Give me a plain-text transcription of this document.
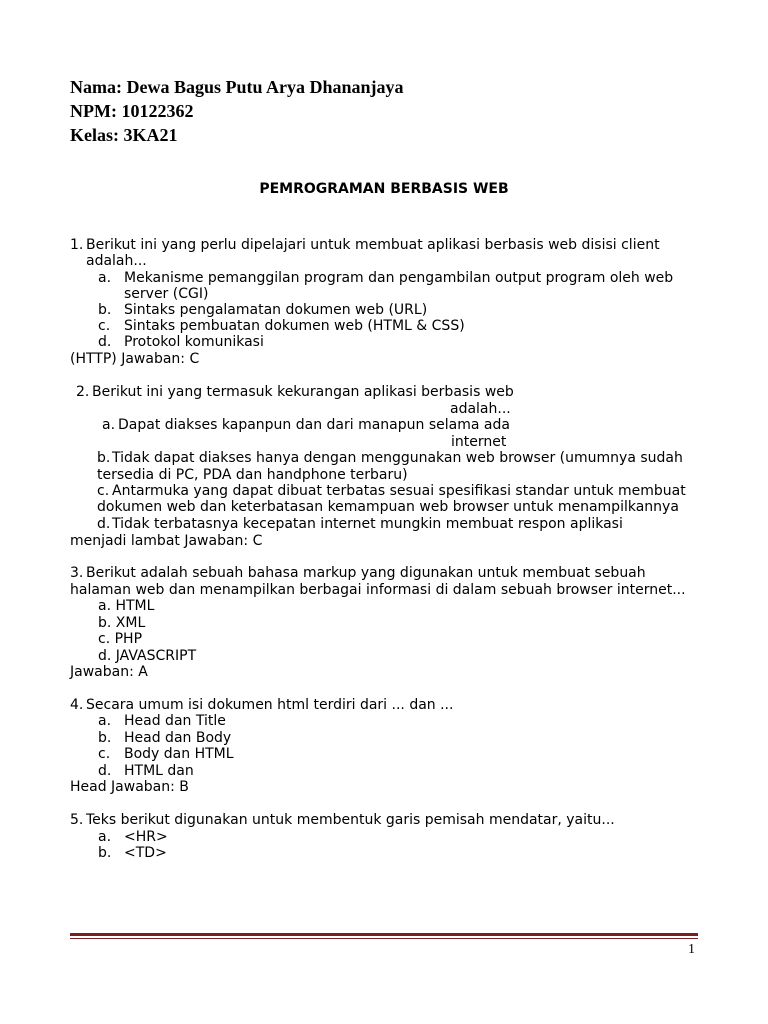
Nama: Dewa Bagus Putu Arya Dhananjaya
NPM: 10122362
Kelas: 3KA21
PEMROGRAMAN BERBASIS WEB
1. Berikut ini yang perlu dipelajari untuk membuat aplikasi berbasis web disisi client
adalah...
a. Mekanisme pemanggilan program dan pengambilan output program oleh web
server (CGI)
b. Sintaks pengalamatan dokumen web (URL)
c. Sintaks pembuatan dokumen web (HTML & CSS)
d. Protokol komunikasi
(HTTP) Jawaban: C
2. Berikut ini yang termasuk kekurangan aplikasi berbasis web
adalah...
a. Dapat diakses kapanpun dan dari manapun selama ada
internet
b. Tidak dapat diakses hanya dengan menggunakan web browser (umumnya sudah
tersedia di PC, PDA dan handphone terbaru)
c. Antarmuka yang dapat dibuat terbatas sesuai spesifikasi standar untuk membuat
dokumen web dan keterbatasan kemampuan web browser untuk menampilkannya
d. Tidak terbatasnya kecepatan internet mungkin membuat respon aplikasi
menjadi lambat Jawaban: C
3. Berikut adalah sebuah bahasa markup yang digunakan untuk membuat sebuah
halaman web dan menampilkan berbagai informasi di dalam sebuah browser internet...
a. HTML
b. XML
c. PHP
d. JAVASCRIPT
Jawaban: A
4. Secara umum isi dokumen html terdiri dari ... dan ...
a. Head dan Title
b. Head dan Body
c. Body dan HTML
d. HTML dan
Head Jawaban: B
5. Teks berikut digunakan untuk membentuk garis pemisah mendatar, yaitu...
a. <HR>
b. <TD>
1
